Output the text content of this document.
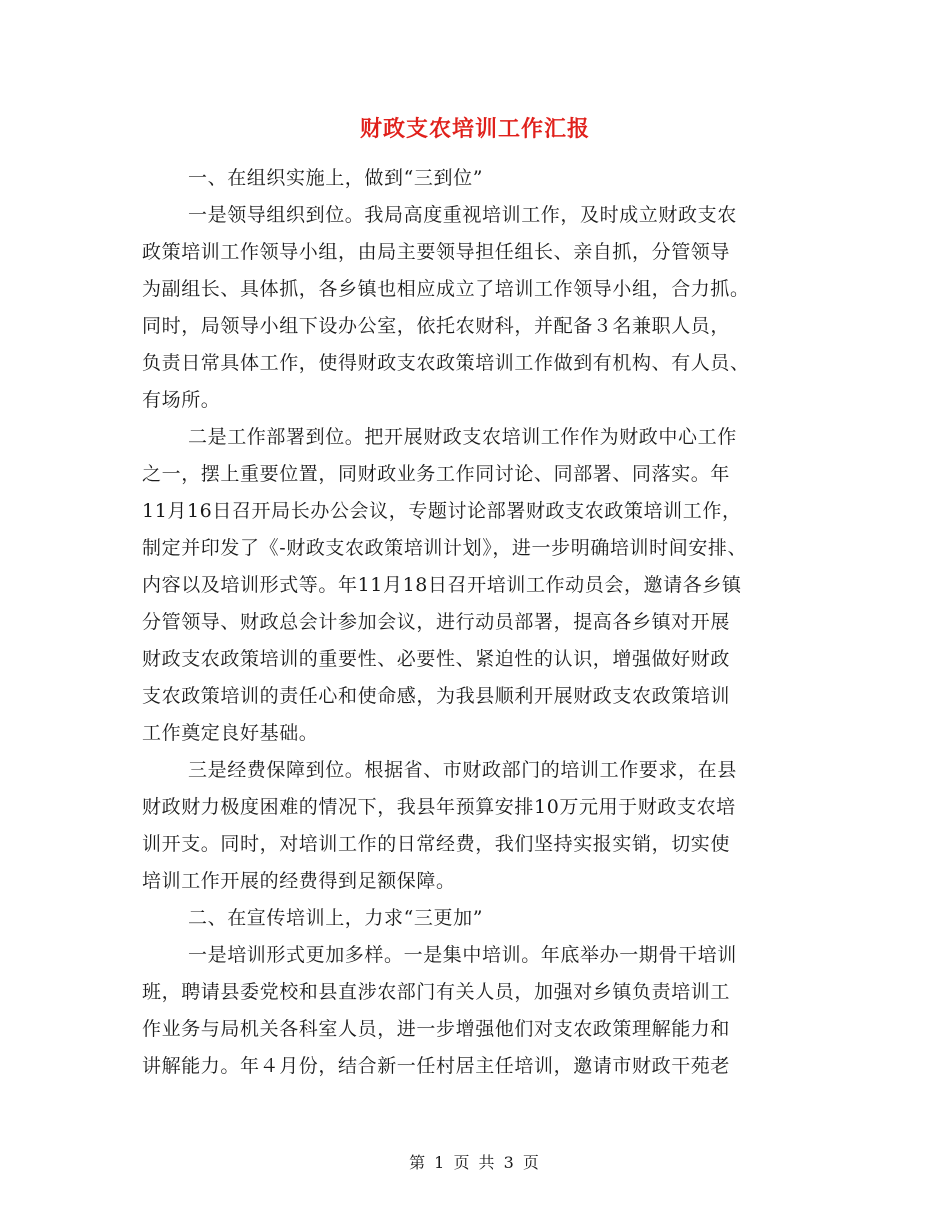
财政支农培训工作汇报
一、在组织实施上，做到“三到位”
一是领导组织到位。我局高度重视培训工作，及时成立财政支农
政策培训工作领导小组，由局主要领导担任组长、亲自抓，分管领导
为副组长、具体抓，各乡镇也相应成立了培训工作领导小组，合力抓。
同时，局领导小组下设办公室，依托农财科，并配备３名兼职人员，
负责日常具体工作，使得财政支农政策培训工作做到有机构、有人员、
有场所。
二是工作部署到位。把开展财政支农培训工作作为财政中心工作
之一，摆上重要位置，同财政业务工作同讨论、同部署、同落实。年
11月16日召开局长办公会议，专题讨论部署财政支农政策培训工作，
制定并印发了《-财政支农政策培训计划》，进一步明确培训时间安排、
内容以及培训形式等。年11月18日召开培训工作动员会，邀请各乡镇
分管领导、财政总会计参加会议，进行动员部署，提高各乡镇对开展
财政支农政策培训的重要性、必要性、紧迫性的认识，增强做好财政
支农政策培训的责任心和使命感，为我县顺利开展财政支农政策培训
工作奠定良好基础。
三是经费保障到位。根据省、市财政部门的培训工作要求，在县
财政财力极度困难的情况下，我县年预算安排10万元用于财政支农培
训开支。同时，对培训工作的日常经费，我们坚持实报实销，切实使
培训工作开展的经费得到足额保障。
二、在宣传培训上，力求“三更加”
一是培训形式更加多样。一是集中培训。年底举办一期骨干培训
班，聘请县委党校和县直涉农部门有关人员，加强对乡镇负责培训工
作业务与局机关各科室人员，进一步增强他们对支农政策理解能力和
讲解能力。年４月份，结合新一任村居主任培训，邀请市财政干苑老
第 1 页 共 3 页
